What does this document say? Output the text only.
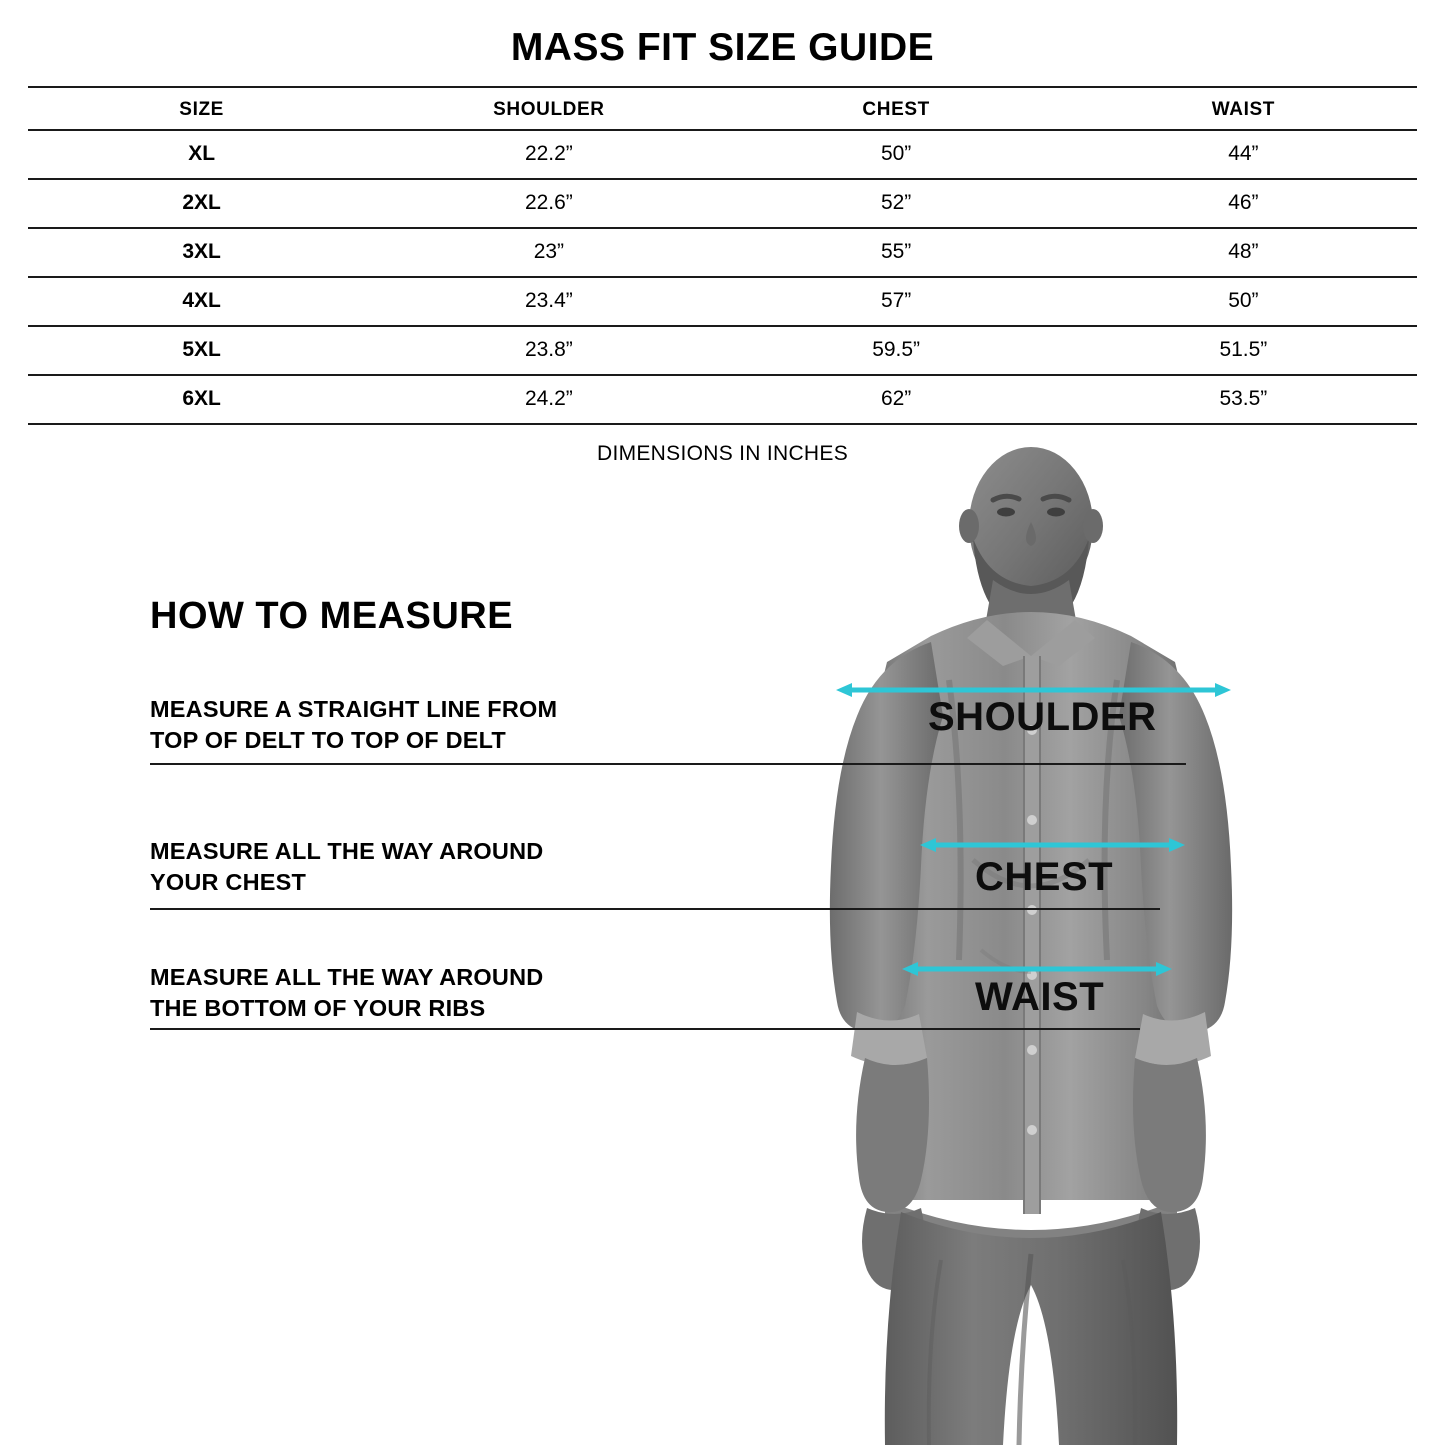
MASS FIT SIZE GUIDE
SIZE	SHOULDER	CHEST	WAIST
XL	22.2”	50”	44”
2XL	22.6”	52”	46”
3XL	23”	55”	48”
4XL	23.4”	57”	50”
5XL	23.8”	59.5”	51.5”
6XL	24.2”	62”	53.5”
DIMENSIONS IN INCHES
HOW TO MEASURE
MEASURE A STRAIGHT LINE FROM
TOP OF DELT TO TOP OF DELT
MEASURE ALL THE WAY AROUND
YOUR CHEST
MEASURE ALL THE WAY AROUND
THE BOTTOM OF YOUR RIBS
SHOULDER
CHEST
WAIST
